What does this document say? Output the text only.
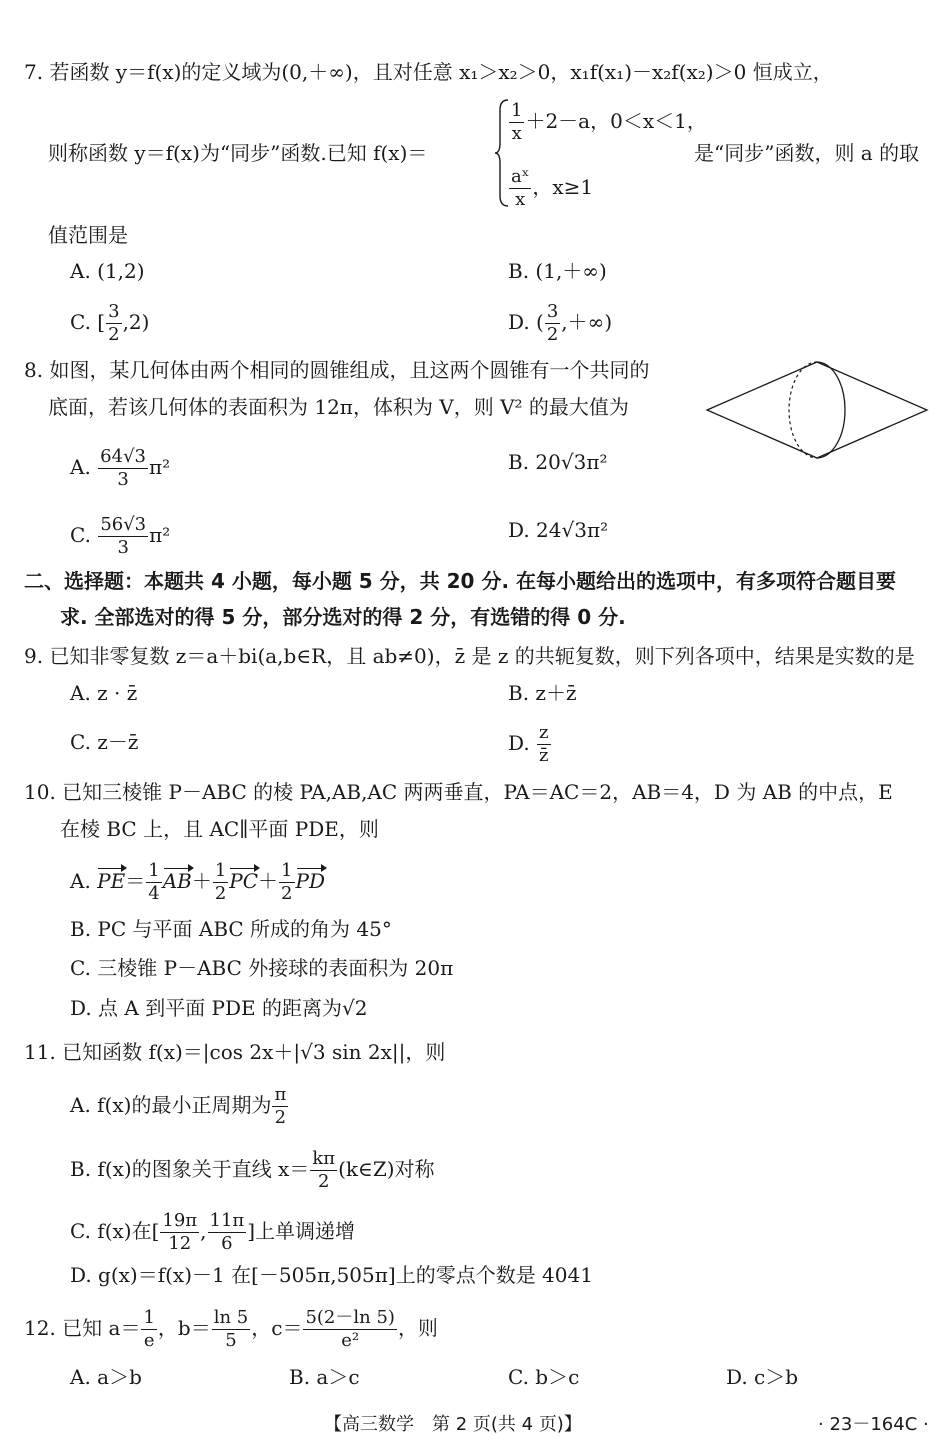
7. 若函数 y＝f(x)的定义域为(0,＋∞)，且对任意 x₁＞x₂＞0，x₁f(x₁)－x₂f(x₂)＞0 恒成立，
则称函数 y＝f(x)为“同步”函数.已知 f(x)＝
$\frac{1}{x} +2-a$，0＜x＜1，
$\frac{\text{aˣ}}{x}$ ，x≥1
是“同步”函数，则 a 的取
值范围是
A. (1,2)	B. (1,＋∞)
C. [ $\frac{3}{2} ,2$)	D. ( $\frac{3}{2}$ ,＋∞)
8. 如图，某几何体由两个相同的圆锥组成，且这两个圆锥有一个共同的
底面，若该几何体的表面积为 12π，体积为 V，则 V² 的最大值为
A. $\frac{64√3}{3} \pi^2$	B. 20√3π²
C. $\frac{56√3}{3} \pi^2$	D. 24√3π²
二、选择题：本题共 4 小题，每小题 5 分，共 20 分. 在每小题给出的选项中，有多项符合题目要
求. 全部选对的得 5 分，部分选对的得 2 分，有选错的得 0 分.
9. 已知非零复数 z＝a＋bi(a,b∈R，且 ab≠0)，z̄ 是 z 的共轭复数，则下列各项中，结果是实数的是
A. z · z̄	B. z＋z̄
C. z－z̄	D. $\frac{z}{z̄}$
10. 已知三棱锥 P－ABC 的棱 PA,AB,AC 两两垂直，PA＝AC＝2，AB＝4，D 为 AB 的中点，E
在棱 BC 上，且 AC∥平面 PDE，则
A. $PE= \frac{1}{4} AB+ \frac{1}{2} PC+ \frac{1}{2}$ PD
B. PC 与平面 ABC 所成的角为 45°
C. 三棱锥 P－ABC 外接球的表面积为 20π
D. 点 A 到平面 PDE 的距离为√2
11. 已知函数 f(x)＝|cos 2x＋|√3 sin 2x||，则
A. f(x)的最小正周期为 $\frac{\pi}{2}$
B. f(x)的图象关于直线 $x= \frac{k\pi}{2}$ (k∈Z)对称
C. f(x)在[ $\frac{19\pi}{12}$ , $\frac{11\pi}{6}$ ]上单调递增
D. g(x)＝f(x)－1 在[－505π,505π]上的零点个数是 4041
12. 已知 $a= \frac{1}{e}$ ，$b= \frac{\ln 5}{5}$ ，$c= \frac{5(2-\ln 5)}{\text{e²}}$ ，则
A. a＞b	B. a＞c	C. b＞c	D. c＞b
【高三数学　第 2 页(共 4 页)】	· 23－164C ·
